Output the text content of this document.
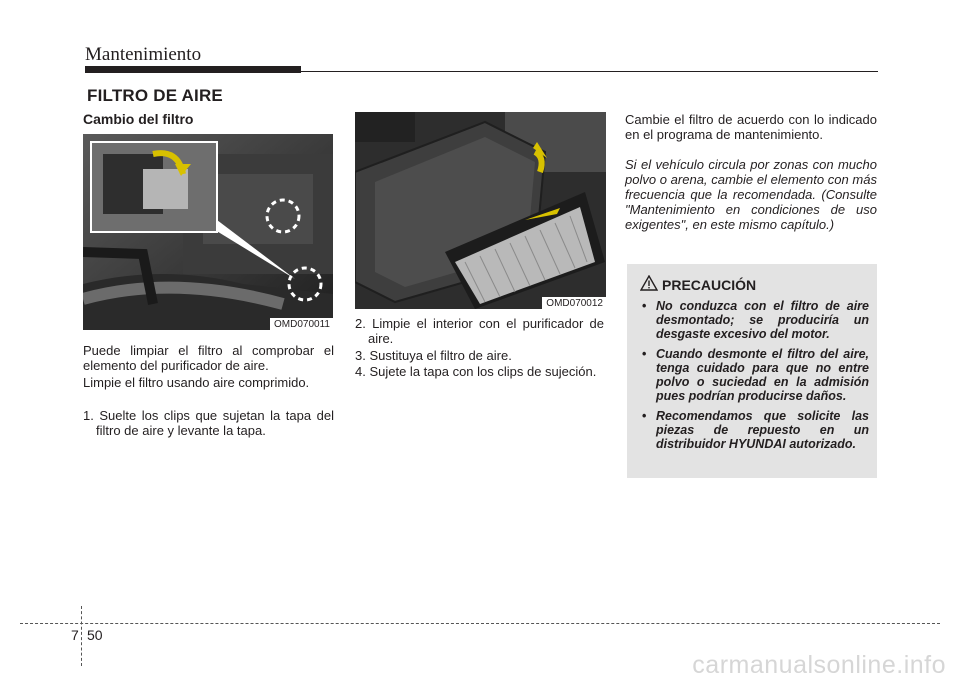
Mantenimiento
FILTRO DE AIRE
Cambio del filtro
OMD070011

Puede limpiar el filtro al comprobar el elemento del purificador de aire.

Limpie el filtro usando aire comprimido.

1. Suelte los clips que sujetan la tapa del filtro de aire y levante la tapa.

OMD070012

2. Limpie el interior con el purificador de aire.

3. Sustituya el filtro de aire.

4. Sujete la tapa con los clips de sujeción.

Cambie el filtro de acuerdo con lo indicado en el programa de mantenimiento.

Si el vehículo circula por zonas con mucho polvo o arena, cambie el elemento con más frecuencia que la recomendada. (Consulte "Mantenimiento en condiciones de uso exigentes", en este mismo capítulo.)

PRECAUCIÓN
• No conduzca con el filtro de aire desmontado; se produciría un desgaste excesivo del motor.
• Cuando desmonte el filtro del aire, tenga cuidado para que no entre polvo o suciedad en la admisión pues podrían producirse daños.
• Recomendamos que solicite las piezas de repuesto en un distribuidor HYUNDAI autorizado.
7 50
carmanualsonline.info
